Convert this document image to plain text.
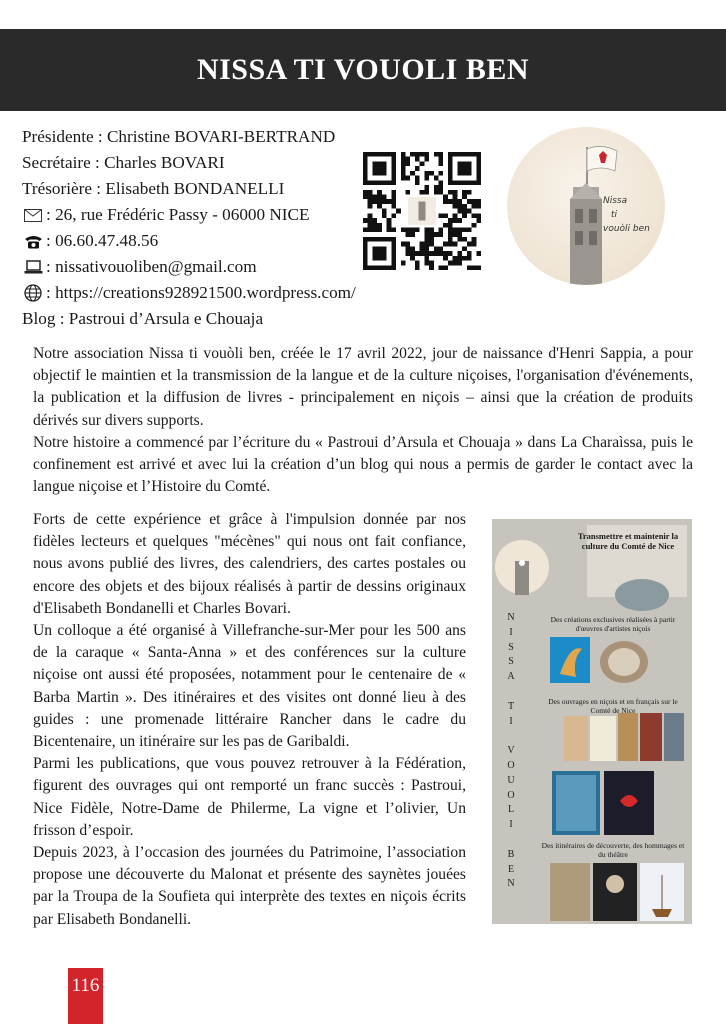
NISSA TI VOUOLI BEN
Présidente : Christine BOVARI-BERTRAND
Secrétaire : Charles BOVARI
Trésorière : Elisabeth BONDANELLI
: 26, rue Frédéric Passy - 06000 NICE
: 06.60.47.48.56
: nissativouoliben@gmail.com
: https://creations928921500.wordpress.com/
Blog : Pastroui d’Arsula e Chouaja
Nissa
ti
vouòli ben

Notre association Nissa ti vouòli ben, créée le 17 avril 2022, jour de naissance d'Henri Sappia, a pour objectif le maintien et la transmission de la langue et de la culture niçoises, l'organisation d'événements, la publication et la diffusion de livres - principalement en niçois – ainsi que la création de produits dérivés sur divers supports.

Notre histoire a commencé par l’écriture du « Pastroui d’Arsula et Chouaja » dans La Charaìssa, puis le confinement est arrivé et avec lui la création d’un blog qui nous a permis de garder le contact avec la langue niçoise et l’Histoire du Comté.

Forts de cette expérience et grâce à l'impulsion donnée par nos fidèles lecteurs et quelques "mécènes" qui nous ont fait confiance, nous avons publié des livres, des calendriers, des cartes postales ou encore des objets et des bijoux réalisés à partir de dessins originaux d'Elisabeth Bondanelli et Charles Bovari.

Un colloque a été organisé à Villefranche-sur-Mer pour les 500 ans de la caraque « Santa-Anna » et des conférences sur la culture niçoise ont aussi été proposées, notamment pour le centenaire de « Barba Martin ». Des itinéraires et des visites ont donné lieu à des guides : une promenade littéraire Rancher dans le cadre du Bicentenaire, un itinéraire sur les pas de Garibaldi.

Parmi les publications, que vous pouvez retrouver à la Fédération, figurent des ouvrages qui ont remporté un franc succès : Pastroui, Nice Fidèle, Notre-Dame de Philerme, La vigne et l’olivier, Un frisson d’espoir.

Depuis 2023, à l’occasion des journées du Patrimoine, l’association propose une découverte du Malonat et présente des saynètes jouées par la Troupa de la Soufieta qui interprète des textes en niçois écrits par Elisabeth Bondanelli.

Transmettre et maintenir la culture du Comté de Nice
Des créations exclusives réalisées à partir d'œuvres d'artistes niçois
Des ouvrages en niçois et en français sur le Comté de Nice
Des itinéraires de découverte, des hommages et du théâtre
N
I
S
S
A

T
I

V
O
U
O
L
I

B
E
N
116
